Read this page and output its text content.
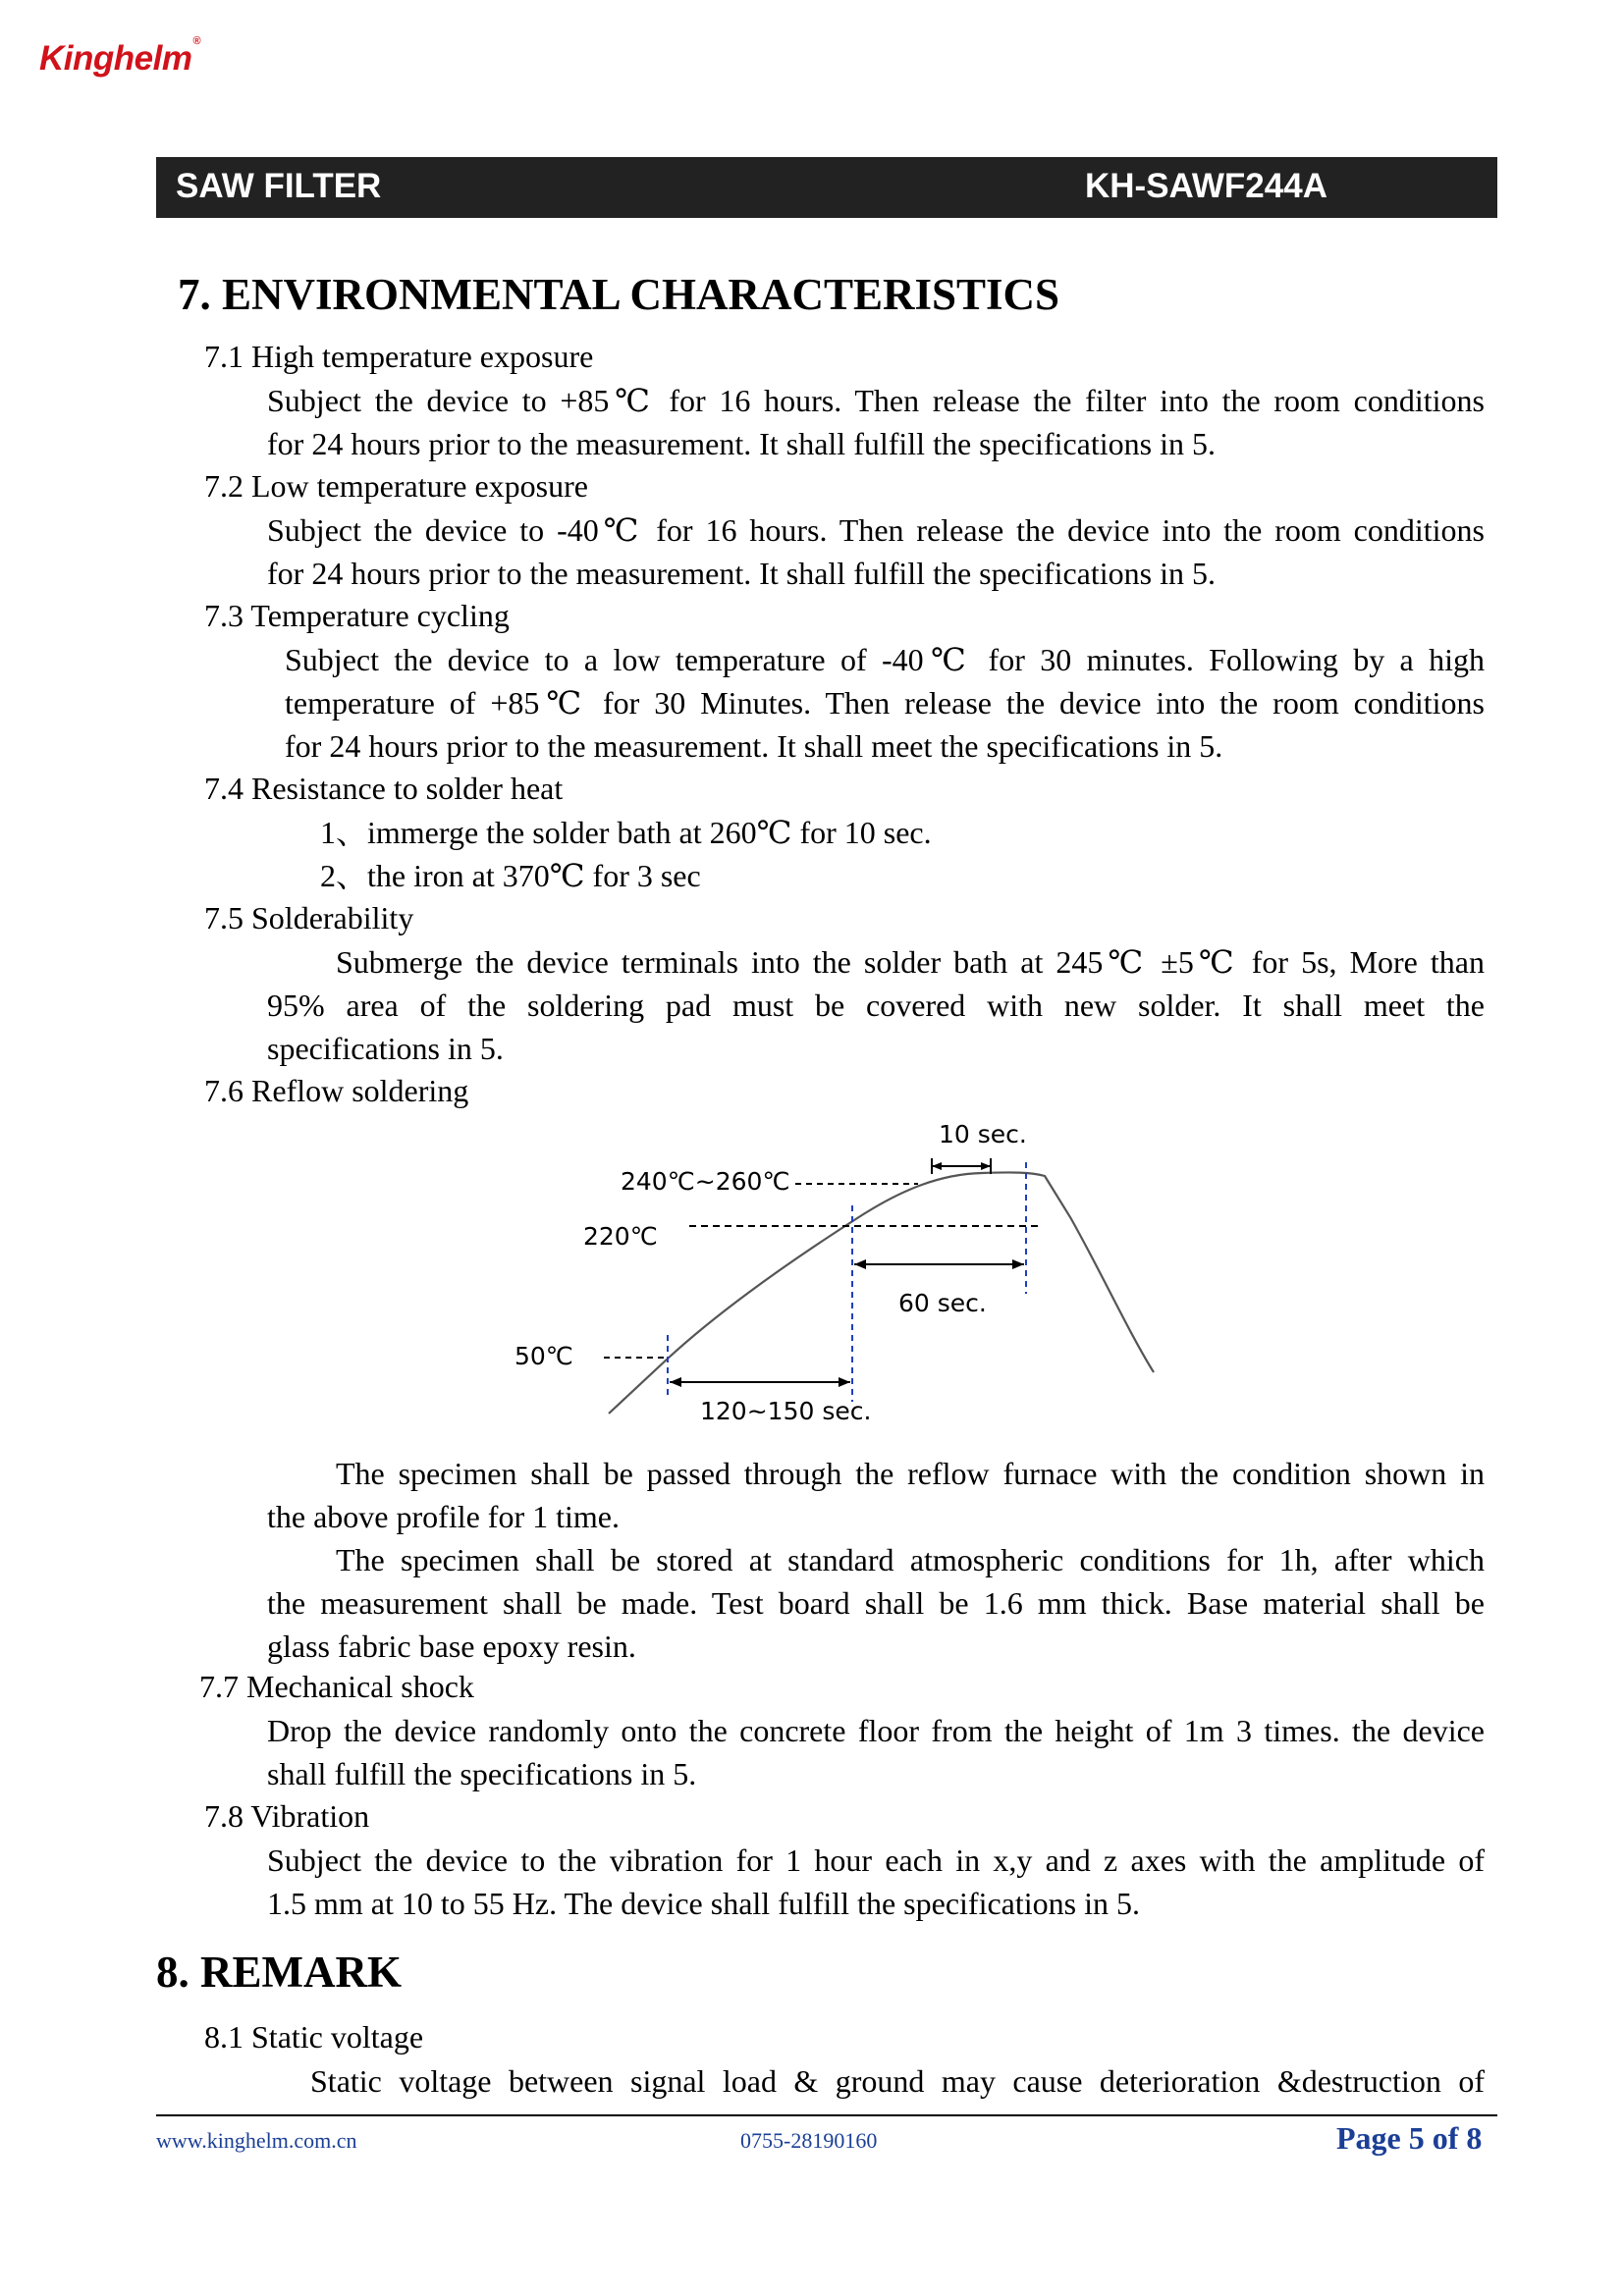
Kinghelm®
SAW FILTER	KH-SAWF244A
7. ENVIRONMENTAL CHARACTERISTICS
7.1 High temperature exposure
Subject the device to +85℃ for 16 hours. Then release the filter into the room conditions
for 24 hours prior to the measurement. It shall fulfill the specifications in 5.
7.2 Low temperature exposure
Subject the device to -40℃ for 16 hours. Then release the device into the room conditions
for 24 hours prior to the measurement. It shall fulfill the specifications in 5.
7.3 Temperature cycling
Subject the device to a low temperature of -40℃ for 30 minutes. Following by a high
temperature of +85℃ for 30 Minutes. Then release the device into the room conditions
for 24 hours prior to the measurement. It shall meet the specifications in 5.
7.4 Resistance to solder heat
1、immerge the solder bath at 260℃ for 10 sec.
2、the iron at 370℃ for 3 sec
7.5 Solderability
Submerge the device terminals into the solder bath at 245℃ ±5℃ for 5s, More than
95% area of the soldering pad must be covered with new solder. It shall meet the
specifications in 5.
7.6 Reflow soldering
10 sec.
240℃~260℃
220℃
50℃
60 sec.
120~150 sec.
The specimen shall be passed through the reflow furnace with the condition shown in
the above profile for 1 time.
The specimen shall be stored at standard atmospheric conditions for 1h, after which
the measurement shall be made. Test board shall be 1.6 mm thick. Base material shall be
glass fabric base epoxy resin.
7.7 Mechanical shock
Drop the device randomly onto the concrete floor from the height of 1m 3 times. the device
shall fulfill the specifications in 5.
7.8 Vibration
Subject the device to the vibration for 1 hour each in x,y and z axes with the amplitude of
1.5 mm at 10 to 55 Hz. The device shall fulfill the specifications in 5.
8. REMARK
8.1 Static voltage
Static voltage between signal load & ground may cause deterioration &destruction of
www.kinghelm.com.cn	0755-28190160	Page 5 of 8
